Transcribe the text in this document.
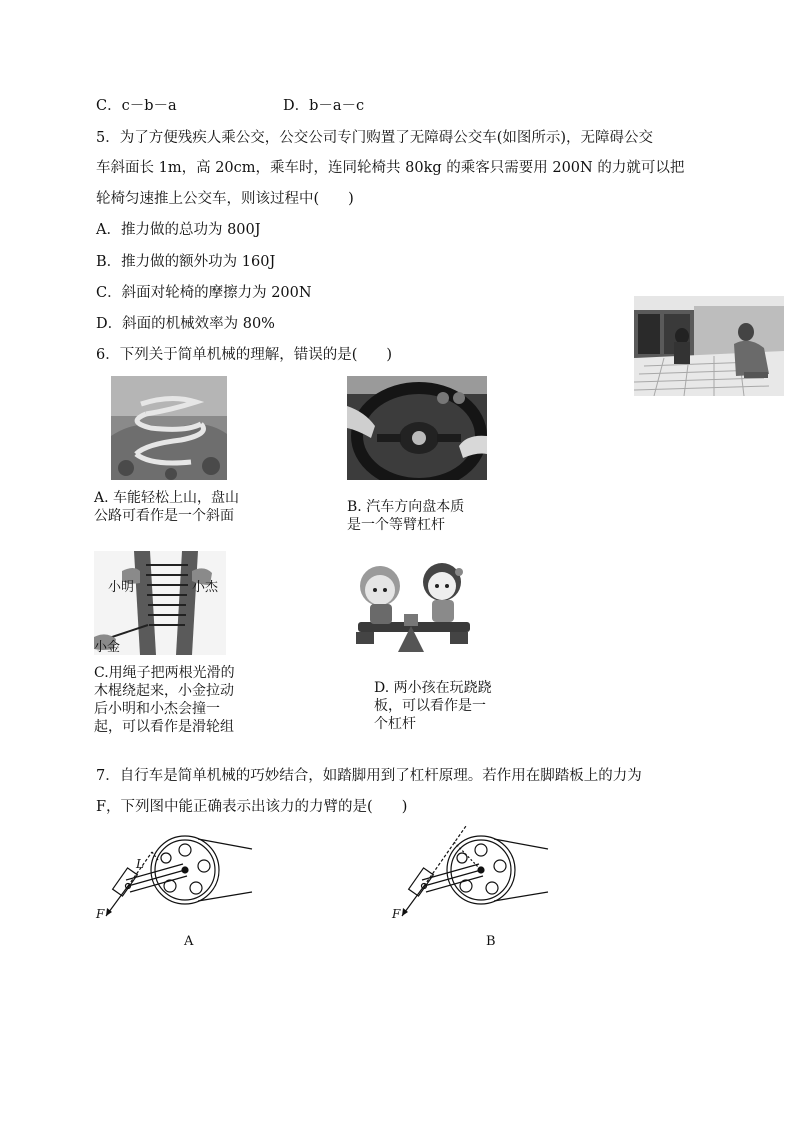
C．c－b－a	D．b－a－c
5．为了方便残疾人乘公交，公交公司专门购置了无障碍公交车(如图所示)，无障碍公交
车斜面长 1m，高 20cm，乘车时，连同轮椅共 80kg 的乘客只需要用 200N 的力就可以把
轮椅匀速推上公交车，则该过程中(　　)
A．推力做的总功为 800J
B．推力做的额外功为 160J
C．斜面对轮椅的摩擦力为 200N
D．斜面的机械效率为 80%
6．下列关于简单机械的理解，错误的是(　　)
A. 车能轻松上山，盘山公路可看作是一个斜面
B. 汽车方向盘本质是一个等臂杠杆
小明	小杰
小金
C.用绳子把两根光滑的木棍绕起来，小金拉动后小明和小杰会撞一起，可以看作是滑轮组
D. 两小孩在玩跷跷板，可以看作是一个杠杆
7．自行车是简单机械的巧妙结合，如踏脚用到了杠杆原理。若作用在脚踏板上的力为
F，下列图中能正确表示出该力的力臂的是(　　)
F
L
A
F
B
